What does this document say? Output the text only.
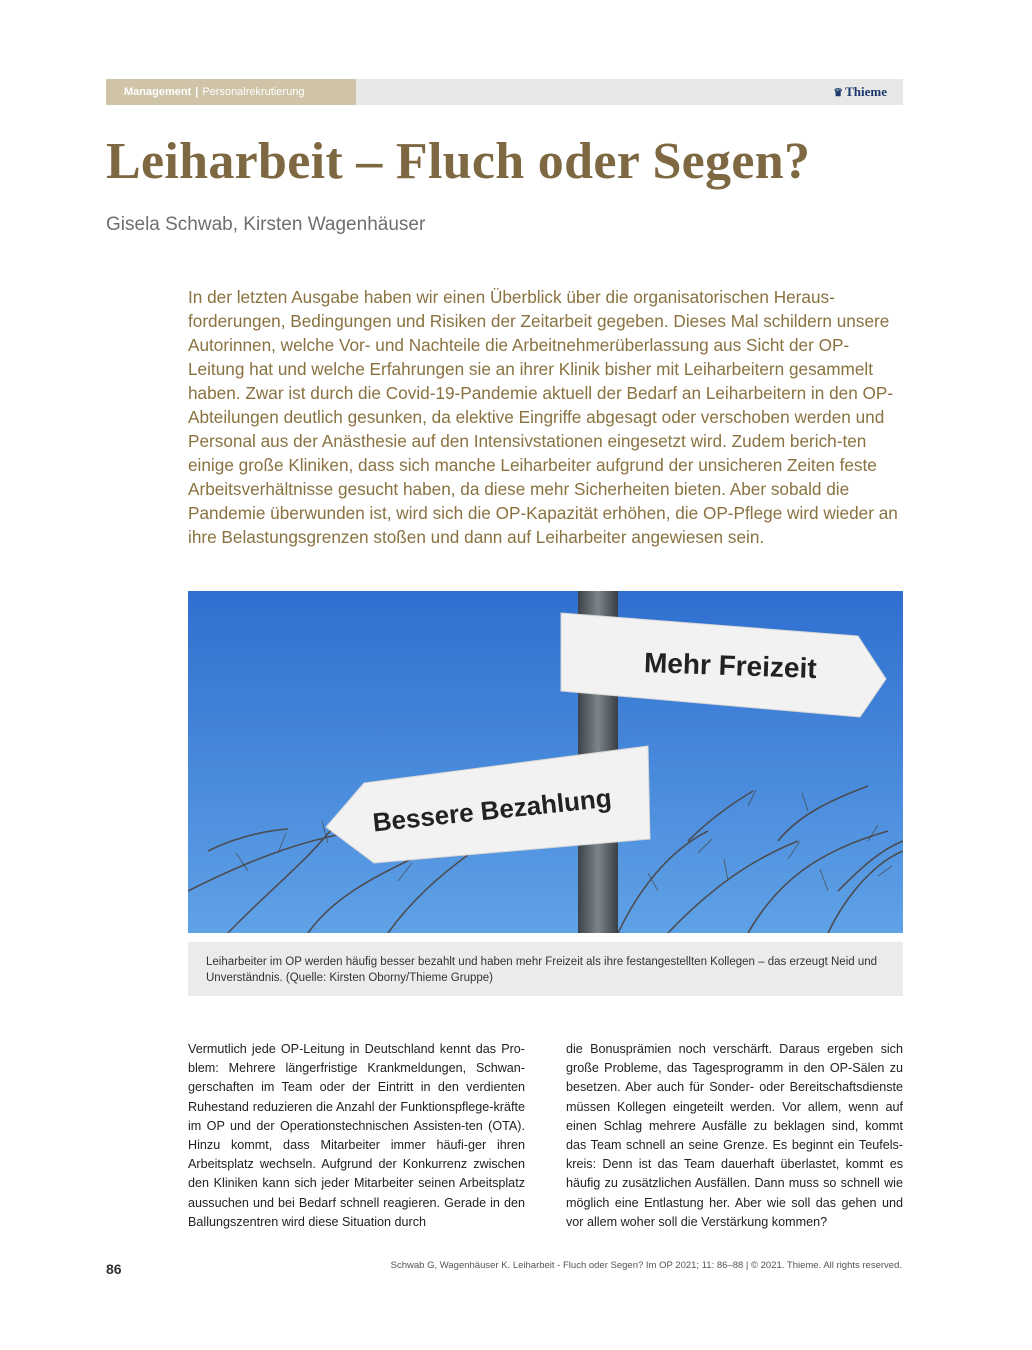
Management | Personalrekrutierung	♛ Thieme
Leiharbeit – Fluch oder Segen?
Gisela Schwab, Kirsten Wagenhäuser

In der letzten Ausgabe haben wir einen Überblick über die organisatorischen Heraus-forderungen, Bedingungen und Risiken der Zeitarbeit gegeben. Dieses Mal schildern unsere Autorinnen, welche Vor- und Nachteile die Arbeitnehmerüberlassung aus Sicht der OP-Leitung hat und welche Erfahrungen sie an ihrer Klinik bisher mit Leiharbeitern gesammelt haben. Zwar ist durch die Covid-19-Pandemie aktuell der Bedarf an Leiharbeitern in den OP-Abteilungen deutlich gesunken, da elektive Eingriffe abgesagt oder verschoben werden und Personal aus der Anästhesie auf den Intensivstationen eingesetzt wird. Zudem berich-ten einige große Kliniken, dass sich manche Leiharbeiter aufgrund der unsicheren Zeiten feste Arbeitsverhältnisse gesucht haben, da diese mehr Sicherheiten bieten. Aber sobald die Pandemie überwunden ist, wird sich die OP-Kapazität erhöhen, die OP-Pflege wird wieder an ihre Belastungsgrenzen stoßen und dann auf Leiharbeiter angewiesen sein.

Mehr Freizeit
Bessere Bezahlung
Leiharbeiter im OP werden häufig besser bezahlt und haben mehr Freizeit als ihre festangestellten Kollegen – das erzeugt Neid und Unverständnis. (Quelle: Kirsten Oborny/Thieme Gruppe)

Vermutlich jede OP-Leitung in Deutschland kennt das Pro-blem: Mehrere längerfristige Krankmeldungen, Schwan-gerschaften im Team oder der Eintritt in den verdienten Ruhestand reduzieren die Anzahl der Funktionspflege-kräfte im OP und der Operationstechnischen Assisten-ten (OTA). Hinzu kommt, dass Mitarbeiter immer häufi-ger ihren Arbeitsplatz wechseln. Aufgrund der Konkurrenz zwischen den Kliniken kann sich jeder Mitarbeiter seinen Arbeitsplatz aussuchen und bei Bedarf schnell reagieren. Gerade in den Ballungszentren wird diese Situation durch

die Bonusprämien noch verschärft. Daraus ergeben sich große Probleme, das Tagesprogramm in den OP-Sälen zu besetzen. Aber auch für Sonder- oder Bereitschaftsdienste müssen Kollegen eingeteilt werden. Vor allem, wenn auf einen Schlag mehrere Ausfälle zu beklagen sind, kommt das Team schnell an seine Grenze. Es beginnt ein Teufels-kreis: Denn ist das Team dauerhaft überlastet, kommt es häufig zu zusätzlichen Ausfällen. Dann muss so schnell wie möglich eine Entlastung her. Aber wie soll das gehen und vor allem woher soll die Verstärkung kommen?

86	Schwab G, Wagenhäuser K. Leiharbeit - Fluch oder Segen? Im OP 2021; 11: 86–88 | © 2021. Thieme. All rights reserved.
